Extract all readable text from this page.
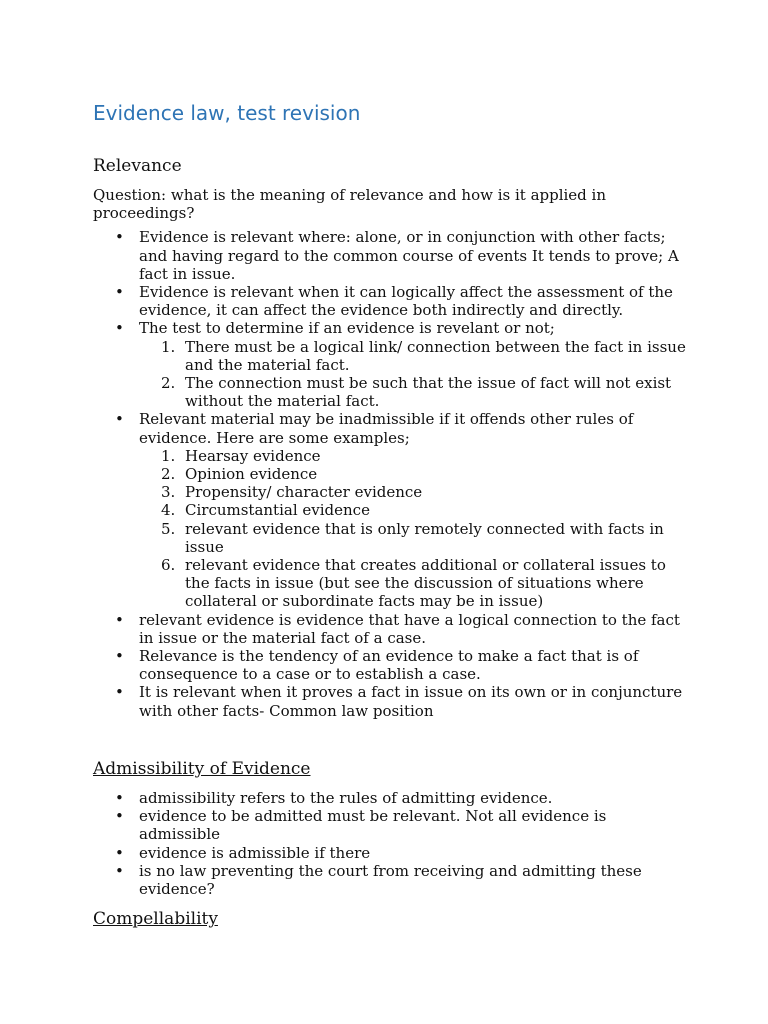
Evidence law, test revision
Relevance
Question: what is the meaning of relevance and how is it applied in proceedings?
• Evidence is relevant where: alone, or in conjunction with other facts; and having regard to the common course of events It tends to prove; A fact in issue.
• Evidence is relevant when it can logically affect the assessment of the evidence, it can affect the evidence both indirectly and directly.
• The test to determine if an evidence is revelant or not;
1. There must be a logical link/ connection between the fact in issue and the material fact.
2. The connection must be such that the issue of fact will not exist without the material fact.
• Relevant material may be inadmissible if it offends other rules of evidence. Here are some examples;
1. Hearsay evidence
2. Opinion evidence
3. Propensity/ character evidence
4. Circumstantial evidence
5. relevant evidence that is only remotely connected with facts in issue
6. relevant evidence that creates additional or collateral issues to the facts in issue (but see the discussion of situations where collateral or subordinate facts may be in issue)
• relevant evidence is evidence that have a logical connection to the fact in issue or the material fact of a case.
• Relevance is the tendency of an evidence to make a fact that is of consequence to a case or to establish a case.
• It is relevant when it proves a fact in issue on its own or in conjuncture with other facts- Common law position
Admissibility of Evidence
• admissibility refers to the rules of admitting evidence.
• evidence to be admitted must be relevant. Not all evidence is admissible
• evidence is admissible if there
• is no law preventing the court from receiving and admitting these evidence?
Compellability
